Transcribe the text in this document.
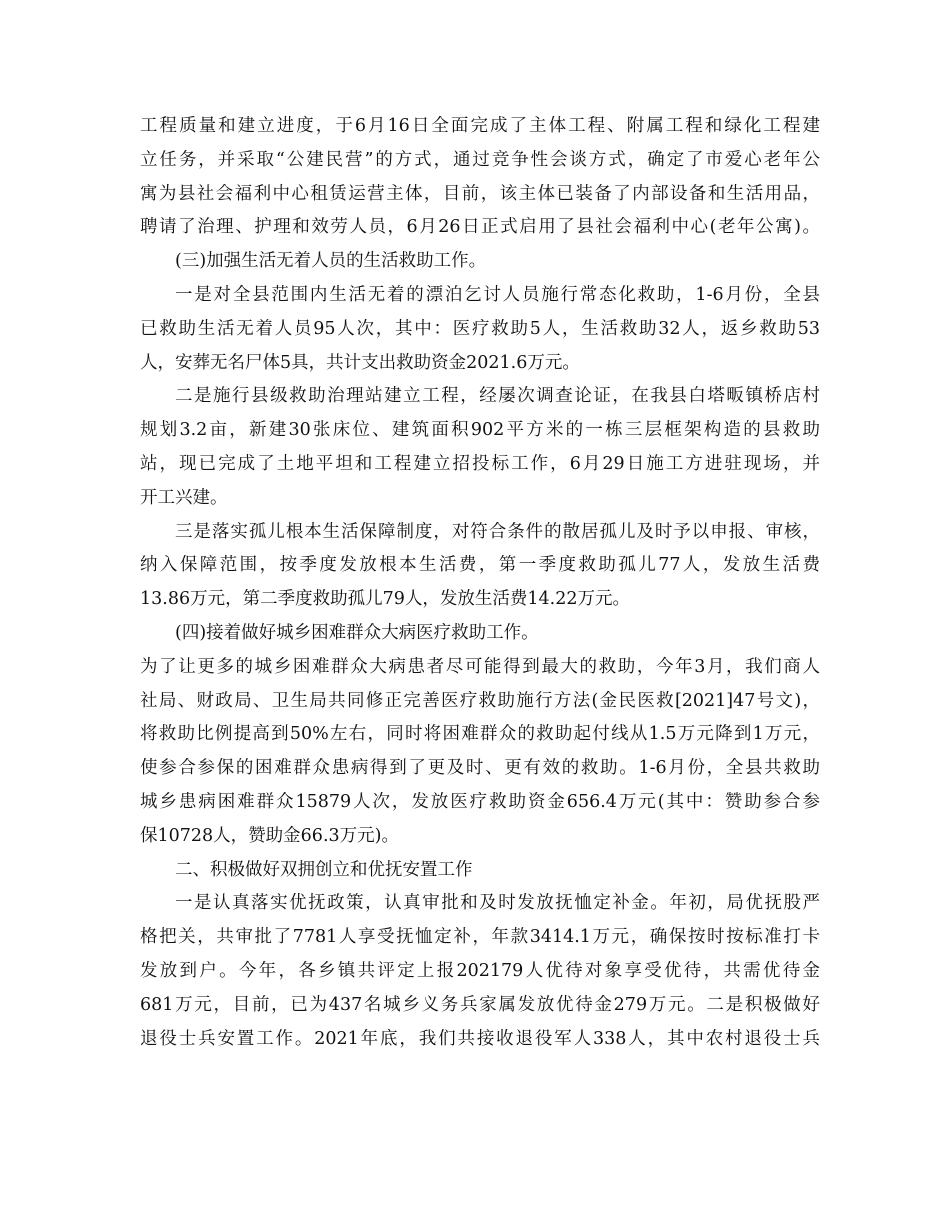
工程质量和建立进度，于6月16日全面完成了主体工程、附属工程和绿化工程建
立任务，并采取“公建民营”的方式，通过竞争性会谈方式，确定了市爱心老年公
寓为县社会福利中心租赁运营主体，目前，该主体已装备了内部设备和生活用品，
聘请了治理、护理和效劳人员，6月26日正式启用了县社会福利中心(老年公寓)。
(三)加强生活无着人员的生活救助工作。
一是对全县范围内生活无着的漂泊乞讨人员施行常态化救助，1-6月份，全县
已救助生活无着人员95人次，其中：医疗救助5人，生活救助32人，返乡救助53
人，安葬无名尸体5具，共计支出救助资金2021.6万元。
二是施行县级救助治理站建立工程，经屡次调查论证，在我县白塔畈镇桥店村
规划3.2亩，新建30张床位、建筑面积902平方米的一栋三层框架构造的县救助
站，现已完成了土地平坦和工程建立招投标工作，6月29日施工方进驻现场，并
开工兴建。
三是落实孤儿根本生活保障制度，对符合条件的散居孤儿及时予以申报、审核，
纳入保障范围，按季度发放根本生活费，第一季度救助孤儿77人，发放生活费
13.86万元，第二季度救助孤儿79人，发放生活费14.22万元。
(四)接着做好城乡困难群众大病医疗救助工作。
为了让更多的城乡困难群众大病患者尽可能得到最大的救助，今年3月，我们商人
社局、财政局、卫生局共同修正完善医疗救助施行方法(金民医救[2021]47号文)，
将救助比例提高到50%左右，同时将困难群众的救助起付线从1.5万元降到1万元，
使参合参保的困难群众患病得到了更及时、更有效的救助。1-6月份，全县共救助
城乡患病困难群众15879人次，发放医疗救助资金656.4万元(其中：赞助参合参
保10728人，赞助金66.3万元)。
二、积极做好双拥创立和优抚安置工作
一是认真落实优抚政策，认真审批和及时发放抚恤定补金。年初，局优抚股严
格把关，共审批了7781人享受抚恤定补，年款3414.1万元，确保按时按标准打卡
发放到户。今年，各乡镇共评定上报202179人优待对象享受优待，共需优待金
681万元，目前，已为437名城乡义务兵家属发放优待金279万元。二是积极做好
退役士兵安置工作。2021年底，我们共接收退役军人338人，其中农村退役士兵
